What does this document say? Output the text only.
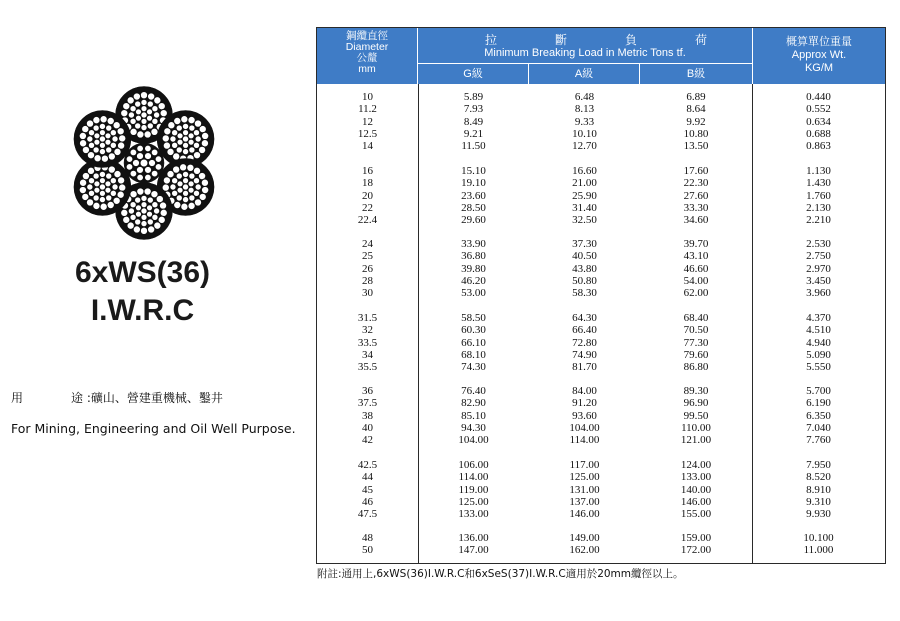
6xWS(36)
I.W.R.C
用	途 :礦山、營建重機械、鑿井
For Mining, Engineering and Oil Well Purpose.
鋼纜直徑
Diameter
公釐
mm
拉	斷	負	荷
Minimum Breaking Load in Metric Tons tf.
G級	A級	B級
概算單位重量
Approx Wt.
KG/M
10	5.89	6.48	6.89	0.440
11.2	7.93	8.13	8.64	0.552
12	8.49	9.33	9.92	0.634
12.5	9.21	10.10	10.80	0.688
14	11.50	12.70	13.50	0.863
16	15.10	16.60	17.60	1.130
18	19.10	21.00	22.30	1.430
20	23.60	25.90	27.60	1.760
22	28.50	31.40	33.30	2.130
22.4	29.60	32.50	34.60	2.210
24	33.90	37.30	39.70	2.530
25	36.80	40.50	43.10	2.750
26	39.80	43.80	46.60	2.970
28	46.20	50.80	54.00	3.450
30	53.00	58.30	62.00	3.960
31.5	58.50	64.30	68.40	4.370
32	60.30	66.40	70.50	4.510
33.5	66.10	72.80	77.30	4.940
34	68.10	74.90	79.60	5.090
35.5	74.30	81.70	86.80	5.550
36	76.40	84.00	89.30	5.700
37.5	82.90	91.20	96.90	6.190
38	85.10	93.60	99.50	6.350
40	94.30	104.00	110.00	7.040
42	104.00	114.00	121.00	7.760
42.5	106.00	117.00	124.00	7.950
44	114.00	125.00	133.00	8.520
45	119.00	131.00	140.00	8.910
46	125.00	137.00	146.00	9.310
47.5	133.00	146.00	155.00	9.930
48	136.00	149.00	159.00	10.100
50	147.00	162.00	172.00	11.000
附註:通用上,6xWS(36)I.W.R.C和6xSeS(37)I.W.R.C適用於20mm纜徑以上。
